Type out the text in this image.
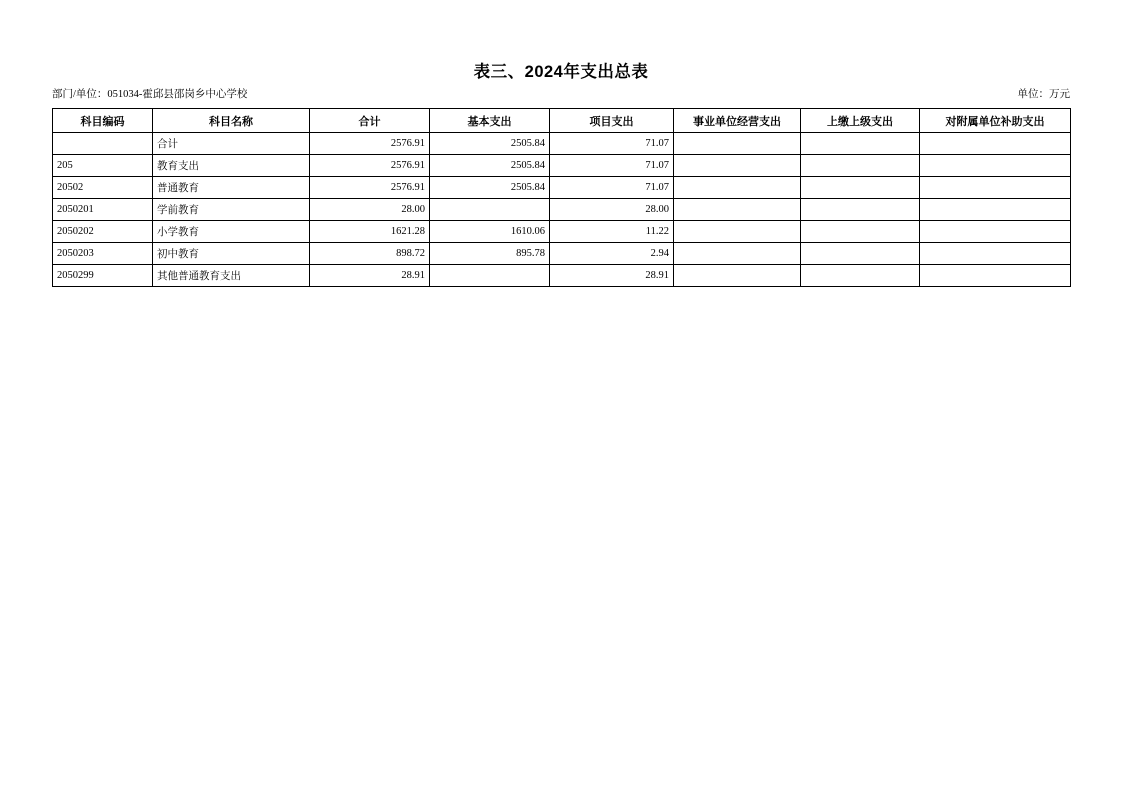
表三、2024年支出总表
部门/单位：051034-霍邱县邵岗乡中心学校	单位：万元
科目编码	科目名称	合计	基本支出	项目支出	事业单位经营支出	上缴上级支出	对附属单位补助支出
	合计	2576.91	2505.84	71.07			
205	教育支出	2576.91	2505.84	71.07			
20502	普通教育	2576.91	2505.84	71.07			
2050201	学前教育	28.00		28.00			
2050202	小学教育	1621.28	1610.06	11.22			
2050203	初中教育	898.72	895.78	2.94			
2050299	其他普通教育支出	28.91		28.91			
